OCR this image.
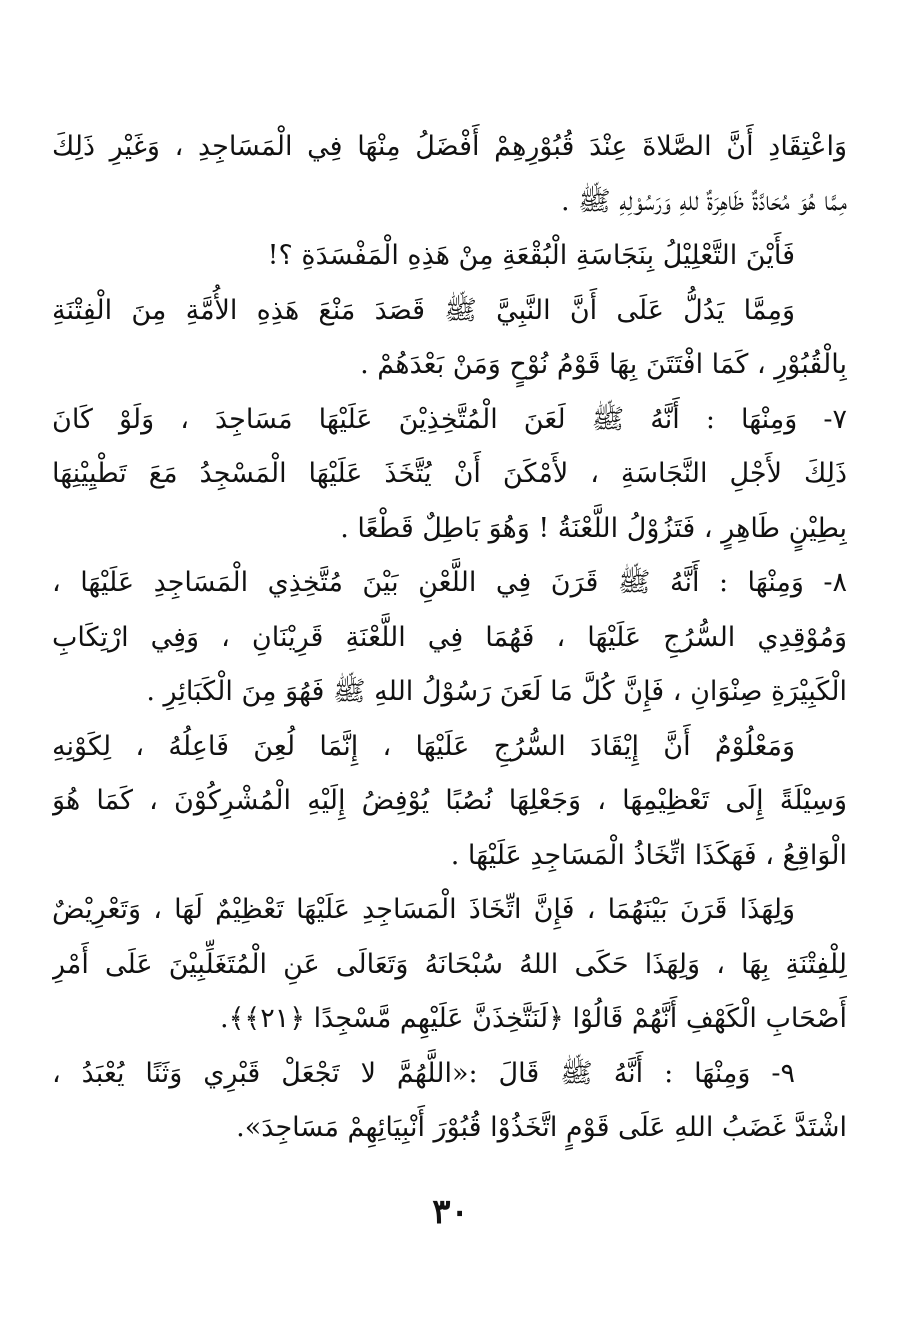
وَاعْتِقَادِ أَنَّ الصَّلاةَ عِنْدَ قُبُوْرِهِمْ أَفْضَلُ مِنْهَا فِي الْمَسَاجِدِ ، وَغَيْرِ ذَلِكَ
مِمَّا هُوَ مُحَادَّةٌ ظَاهِرَةٌ للهِ وَرَسُوْلِهِ ﷺ .
فَأَيْنَ التَّعْلِيْلُ بِنَجَاسَةِ الْبُقْعَةِ مِنْ هَذِهِ الْمَفْسَدَةِ ؟!
وَمِمَّا يَدُلُّ عَلَى أَنَّ النَّبِيَّ ﷺ قَصَدَ مَنْعَ هَذِهِ الأُمَّةِ مِنَ الْفِتْنَةِ
بِالْقُبُوْرِ ، كَمَا افْتَتَنَ بِهَا قَوْمُ نُوْحٍ وَمَنْ بَعْدَهُمْ .
٧- وَمِنْهَا : أَنَّهُ ﷺ لَعَنَ الْمُتَّخِذِيْنَ عَلَيْهَا مَسَاجِدَ ، وَلَوْ كَانَ
ذَلِكَ لأَجْلِ النَّجَاسَةِ ، لأَمْكَنَ أَنْ يُتَّخَذَ عَلَيْهَا الْمَسْجِدُ مَعَ تَطْيِيْنِهَا
بِطِيْنٍ طَاهِرٍ ، فَتَزُوْلُ اللَّعْنَةُ ! وَهُوَ بَاطِلٌ قَطْعًا .
٨- وَمِنْهَا : أَنَّهُ ﷺ قَرَنَ فِي اللَّعْنِ بَيْنَ مُتَّخِذِي الْمَسَاجِدِ عَلَيْهَا ،
وَمُوْقِدِي السُّرُجِ عَلَيْهَا ، فَهُمَا فِي اللَّعْنَةِ قَرِيْنَانِ ، وَفِي ارْتِكَابِ
الْكَبِيْرَةِ صِنْوَانِ ، فَإِنَّ كُلَّ مَا لَعَنَ رَسُوْلُ اللهِ ﷺ فَهُوَ مِنَ الْكَبَائِرِ .
وَمَعْلُوْمٌ أَنَّ إِيْقَادَ السُّرُجِ عَلَيْهَا ، إِنَّمَا لُعِنَ فَاعِلُهُ ، لِكَوْنِهِ
وَسِيْلَةً إِلَى تَعْظِيْمِهَا ، وَجَعْلِهَا نُصُبًا يُوْفِضُ إِلَيْهِ الْمُشْرِكُوْنَ ، كَمَا هُوَ
الْوَاقِعُ ، فَهَكَذَا اتِّخَاذُ الْمَسَاجِدِ عَلَيْهَا .
وَلِهَذَا قَرَنَ بَيْنَهُمَا ، فَإِنَّ اتِّخَاذَ الْمَسَاجِدِ عَلَيْهَا تَعْظِيْمٌ لَهَا ، وَتَعْرِيْضٌ
لِلْفِتْنَةِ بِهَا ، وَلِهَذَا حَكَى اللهُ سُبْحَانَهُ وَتَعَالَى عَنِ الْمُتَغَلِّبِيْنَ عَلَى أَمْرِ
أَصْحَابِ الْكَهْفِ أَنَّهُمْ قَالُوْا ﴿لَنَتَّخِذَنَّ عَلَيْهِم مَّسْجِدًا ﴿٢١﴾﴾.
٩- وَمِنْهَا : أَنَّهُ ﷺ قَالَ :«اللَّهُمَّ لا تَجْعَلْ قَبْرِي وَثَنًا يُعْبَدُ ،
اشْتَدَّ غَضَبُ اللهِ عَلَى قَوْمٍ اتَّخَذُوْا قُبُوْرَ أَنْبِيَائِهِمْ مَسَاجِدَ».
٣٠
